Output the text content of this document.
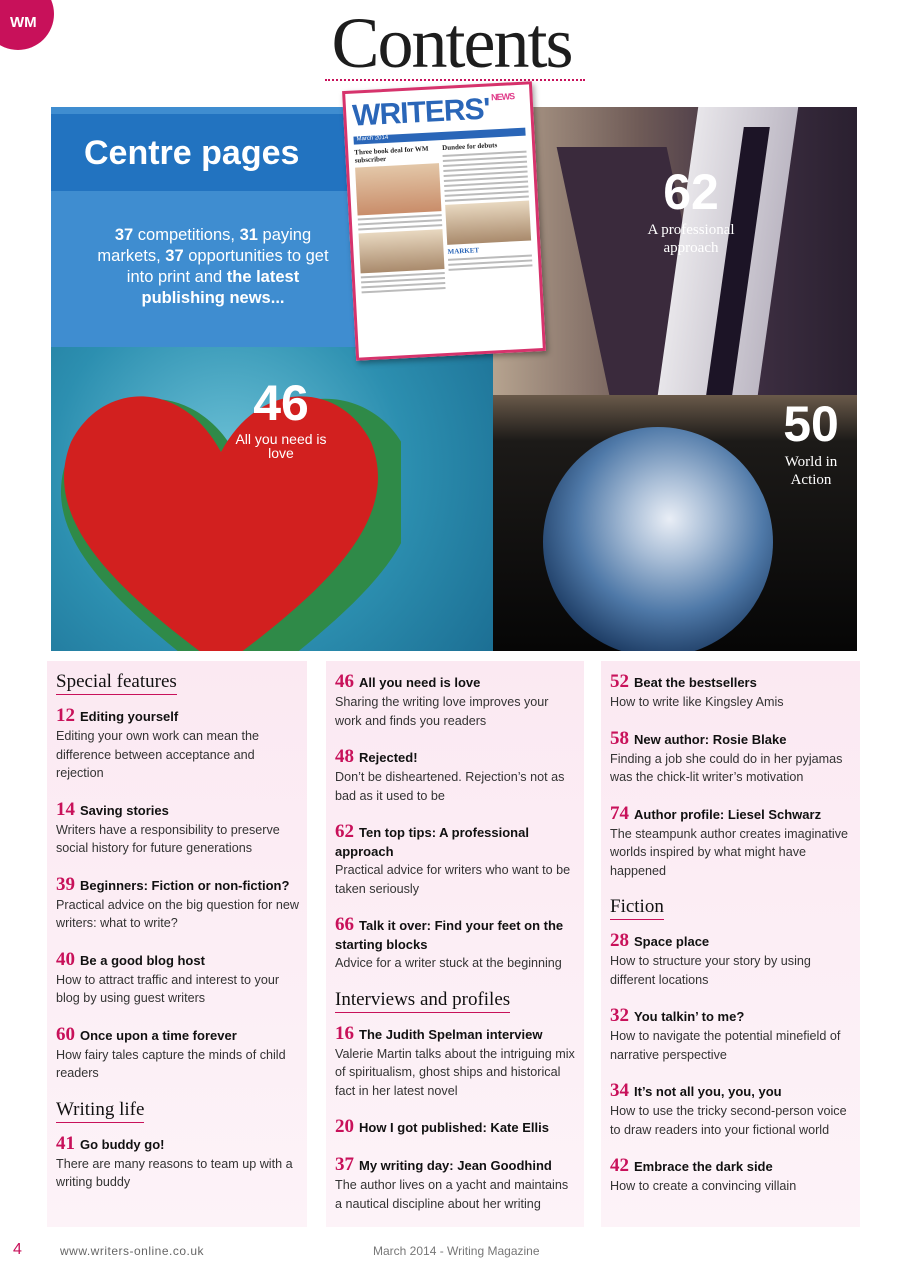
WM	Contents
Centre pages
37 competitions, 31 paying markets, 37 opportunities to get into print and the latest publishing news...
62
A professional approach
46
All you need is love
50
World in Action
$WRITERS'^{NEWS}$
March 2014
Three book deal for WM subscriber
Dundee for debuts
MARKET
Special features
12 Editing yourself
Editing your own work can mean the difference between acceptance and rejection
14 Saving stories
Writers have a responsibility to preserve social history for future generations
39 Beginners: Fiction or non-fiction?
Practical advice on the big question for new writers: what to write?
40 Be a good blog host
How to attract traffic and interest to your blog by using guest writers
60 Once upon a time forever
How fairy tales capture the minds of child readers
Writing life
41 Go buddy go!
There are many reasons to team up with a writing buddy
46 All you need is love
Sharing the writing love improves your work and finds you readers
48 Rejected!
Don’t be disheartened. Rejection’s not as bad as it used to be
62 Ten top tips: A professional approach
Practical advice for writers who want to be taken seriously
66 Talk it over: Find your feet on the starting blocks
Advice for a writer stuck at the beginning
Interviews and profiles
16 The Judith Spelman interview
Valerie Martin talks about the intriguing mix of spiritualism, ghost ships and historical fact in her latest novel
20 How I got published: Kate Ellis
37 My writing day: Jean Goodhind
The author lives on a yacht and maintains a nautical discipline about her writing
52 Beat the bestsellers
How to write like Kingsley Amis
58 New author: Rosie Blake
Finding a job she could do in her pyjamas was the chick-lit writer’s motivation
74 Author profile: Liesel Schwarz
The steampunk author creates imaginative worlds inspired by what might have happened
Fiction
28 Space place
How to structure your story by using different locations
32 You talkin’ to me?
How to navigate the potential minefield of narrative perspective
34 It’s not all you, you, you
How to use the tricky second-person voice to draw readers into your fictional world
42 Embrace the dark side
How to create a convincing villain
4	www.writers-online.co.uk	March 2014 - Writing Magazine
